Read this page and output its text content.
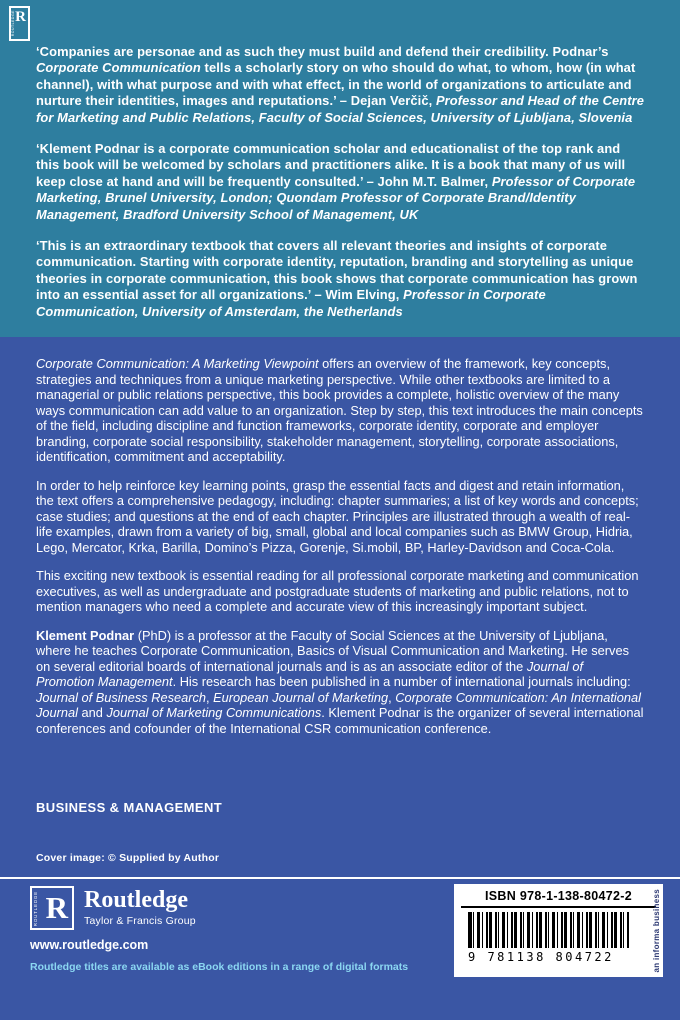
ROUTLEDGE R

‘Companies are personae and as such they must build and defend their credibility. Podnar’s Corporate Communication tells a scholarly story on who should do what, to whom, how (in what channel), with what purpose and with what effect, in the world of organizations to articulate and nurture their identities, images and reputations.’ – Dejan Verčič, Professor and Head of the Centre for Marketing and Public Relations, Faculty of Social Sciences, University of Ljubljana, Slovenia

‘Klement Podnar is a corporate communication scholar and educationalist of the top rank and this book will be welcomed by scholars and practitioners alike. It is a book that many of us will keep close at hand and will be frequently consulted.’ – John M.T. Balmer, Professor of Corporate Marketing, Brunel University, London; Quondam Professor of Corporate Brand/Identity Management, Bradford University School of Management, UK

‘This is an extraordinary textbook that covers all relevant theories and insights of corporate communication. Starting with corporate identity, reputation, branding and storytelling as unique theories in corporate communication, this book shows that corporate communication has grown into an essential asset for all organizations.’ – Wim Elving, Professor in Corporate Communication, University of Amsterdam, the Netherlands

Corporate Communication: A Marketing Viewpoint offers an overview of the framework, key concepts, strategies and techniques from a unique marketing perspective. While other textbooks are limited to a managerial or public relations perspective, this book provides a complete, holistic overview of the many ways communication can add value to an organization. Step by step, this text introduces the main concepts of the field, including discipline and function frameworks, corporate identity, corporate and employer branding, corporate social responsibility, stakeholder management, storytelling, corporate associations, identification, commitment and acceptability.

In order to help reinforce key learning points, grasp the essential facts and digest and retain information, the text offers a comprehensive pedagogy, including: chapter summaries; a list of key words and concepts; case studies; and questions at the end of each chapter. Principles are illustrated through a wealth of real-life examples, drawn from a variety of big, small, global and local companies such as BMW Group, Hidria, Lego, Mercator, Krka, Barilla, Domino’s Pizza, Gorenje, Si.mobil, BP, Harley-Davidson and Coca-Cola.

This exciting new textbook is essential reading for all professional corporate marketing and communication executives, as well as undergraduate and postgraduate students of marketing and public relations, not to mention managers who need a complete and accurate view of this increasingly important subject.

Klement Podnar (PhD) is a professor at the Faculty of Social Sciences at the University of Ljubljana, where he teaches Corporate Communication, Basics of Visual Communication and Marketing. He serves on several editorial boards of international journals and is as an associate editor of the Journal of Promotion Management. His research has been published in a number of international journals including: Journal of Business Research, European Journal of Marketing, Corporate Communication: An International Journal and Journal of Marketing Communications. Klement Podnar is the organizer of several international conferences and cofounder of the International CSR communication conference.

BUSINESS & MANAGEMENT
Cover image: © Supplied by Author
ROUTLEDGE R Routledge
Taylor & Francis Group
www.routledge.com
Routledge titles are available as eBook editions in a range of digital formats
ISBN 978-1-138-80472-2
9 781138 804722	an informa business
